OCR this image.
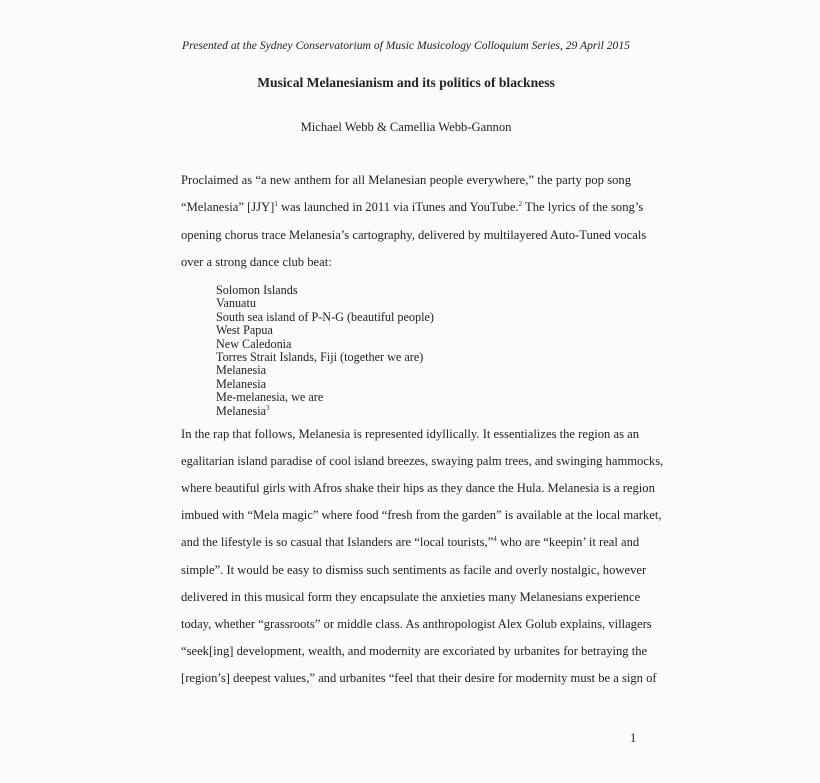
Presented at the Sydney Conservatorium of Music Musicology Colloquium Series, 29 April 2015
Musical Melanesianism and its politics of blackness
Michael Webb & Camellia Webb-Gannon
Proclaimed as “a new anthem for all Melanesian people everywhere,” the party pop song
“Melanesia” [JJY]$^1$ was launched in 2011 via iTunes and YouTube.$^2$ The lyrics of the song’s
opening chorus trace Melanesia’s cartography, delivered by multilayered Auto-Tuned vocals
over a strong dance club beat:
Solomon Islands
Vanuatu
South sea island of P-N-G (beautiful people)
West Papua
New Caledonia
Torres Strait Islands, Fiji (together we are)
Melanesia
Melanesia
Me-melanesia, we are
Melanesia$^3$
In the rap that follows, Melanesia is represented idyllically. It essentializes the region as an
egalitarian island paradise of cool island breezes, swaying palm trees, and swinging hammocks,
where beautiful girls with Afros shake their hips as they dance the Hula. Melanesia is a region
imbued with “Mela magic” where food “fresh from the garden” is available at the local market,
and the lifestyle is so casual that Islanders are “local tourists,”$^4$ who are “keepin’ it real and
simple”. It would be easy to dismiss such sentiments as facile and overly nostalgic, however
delivered in this musical form they encapsulate the anxieties many Melanesians experience
today, whether “grassroots” or middle class. As anthropologist Alex Golub explains, villagers
“seek[ing] development, wealth, and modernity are excoriated by urbanites for betraying the
[region’s] deepest values,” and urbanites “feel that their desire for modernity must be a sign of
1
